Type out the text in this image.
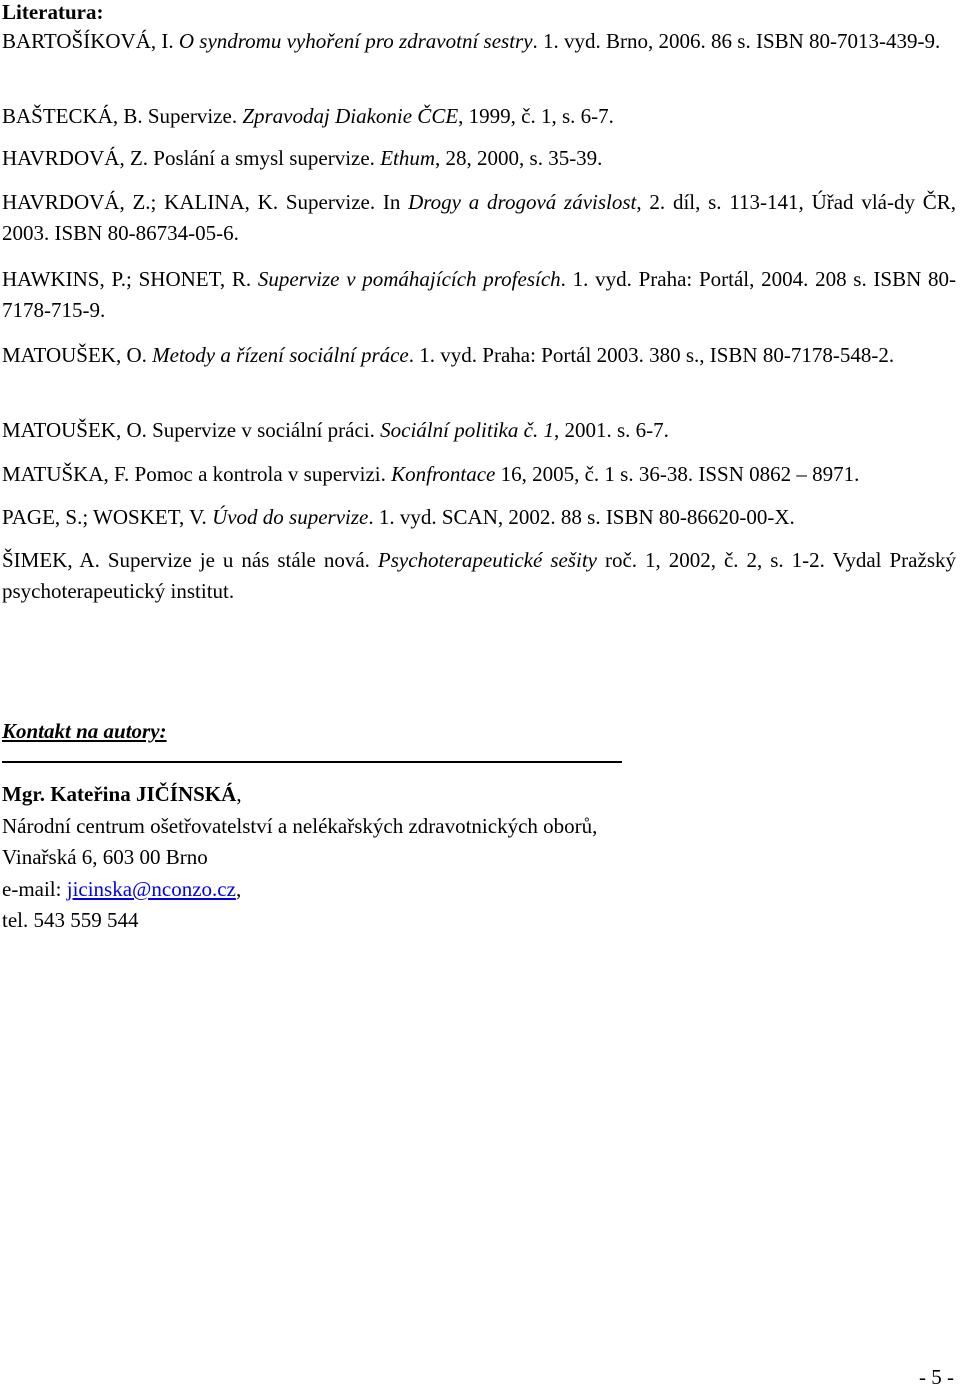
Literatura:

BARTOŠÍKOVÁ, I. O syndromu vyhoření pro zdravotní sestry. 1. vyd. Brno, 2006. 86 s. ISBN 80-7013-439-9.

BAŠTECKÁ, B. Supervize. Zpravodaj Diakonie ČCE, 1999, č. 1, s. 6-7.

HAVRDOVÁ, Z. Poslání a smysl supervize. Ethum, 28, 2000, s. 35-39.

HAVRDOVÁ, Z.; KALINA, K. Supervize. In Drogy a drogová závislost, 2. díl, s. 113-141, Úřad vlá-dy ČR, 2003. ISBN 80-86734-05-6.

HAWKINS, P.; SHONET, R. Supervize v pomáhajících profesích. 1. vyd. Praha: Portál, 2004. 208 s. ISBN 80-7178-715-9.

MATOUŠEK, O. Metody a řízení sociální práce. 1. vyd. Praha: Portál 2003. 380 s., ISBN 80-7178-548-2.

MATOUŠEK, O. Supervize v sociální práci. Sociální politika č. 1, 2001. s. 6-7.

MATUŠKA, F. Pomoc a kontrola v supervizi. Konfrontace 16, 2005, č. 1 s. 36-38. ISSN 0862 – 8971.

PAGE, S.; WOSKET, V. Úvod do supervize. 1. vyd. SCAN, 2002. 88 s. ISBN 80-86620-00-X.

ŠIMEK, A. Supervize je u nás stále nová. Psychoterapeutické sešity roč. 1, 2002, č. 2, s. 1-2. Vydal Pražský psychoterapeutický institut.

Kontakt na autory:

Mgr. Kateřina JIČÍNSKÁ,

Národní centrum ošetřovatelství a nelékařských zdravotnických oborů,

Vinařská 6, 603 00 Brno

e-mail: jicinska@nconzo.cz,

tel. 543 559 544

- 5 -
